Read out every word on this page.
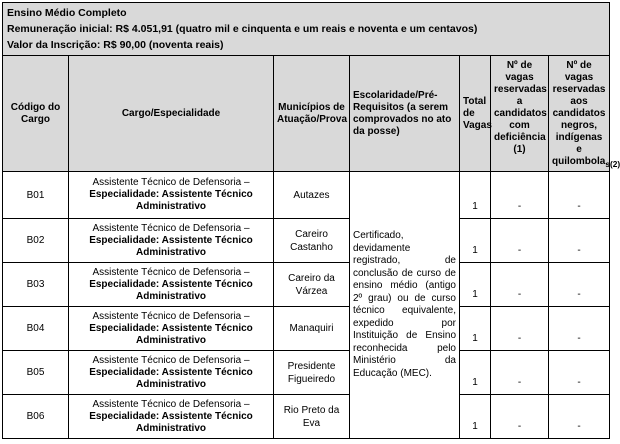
Ensino Médio Completo
Remuneração inicial: R$ 4.051,91 (quatro mil e cinquenta e um reais e noventa e um centavos)
Valor da Inscrição: R$ 90,00 (noventa reais)						

Código do Cargo	Cargo/Especialidade	Municípios de Atuação/Prova	Escolaridade/Pré-Requisitos (a serem comprovados no ato da posse)	Total de Vagas	Nº de vagas reservadas a candidatos com deficiência (1)	Nº de vagas reservadas aos candidatos negros, indígenas e quilombola$_{s(2)}$
B01	Assistente Técnico de Defensoria –
Especialidade: Assistente Técnico Administrativo	Autazes	Certificado, devidamente registrado, de conclusão de curso de ensino médio (antigo 2º grau) ou de curso técnico equivalente, expedido por Instituição de Ensino reconhecida pelo Ministério da Educação (MEC).	1	-	-
B02	Assistente Técnico de Defensoria –
Especialidade: Assistente Técnico Administrativo	Careiro Castanho		1	-	-
B03	Assistente Técnico de Defensoria –
Especialidade: Assistente Técnico Administrativo	Careiro da Várzea		1	-	-
B04	Assistente Técnico de Defensoria –
Especialidade: Assistente Técnico Administrativo	Manaquiri		1	-	-
B05	Assistente Técnico de Defensoria –
Especialidade: Assistente Técnico Administrativo	Presidente Figueiredo		1	-	-
B06	Assistente Técnico de Defensoria –
Especialidade: Assistente Técnico Administrativo	Rio Preto da Eva		1	-	-
